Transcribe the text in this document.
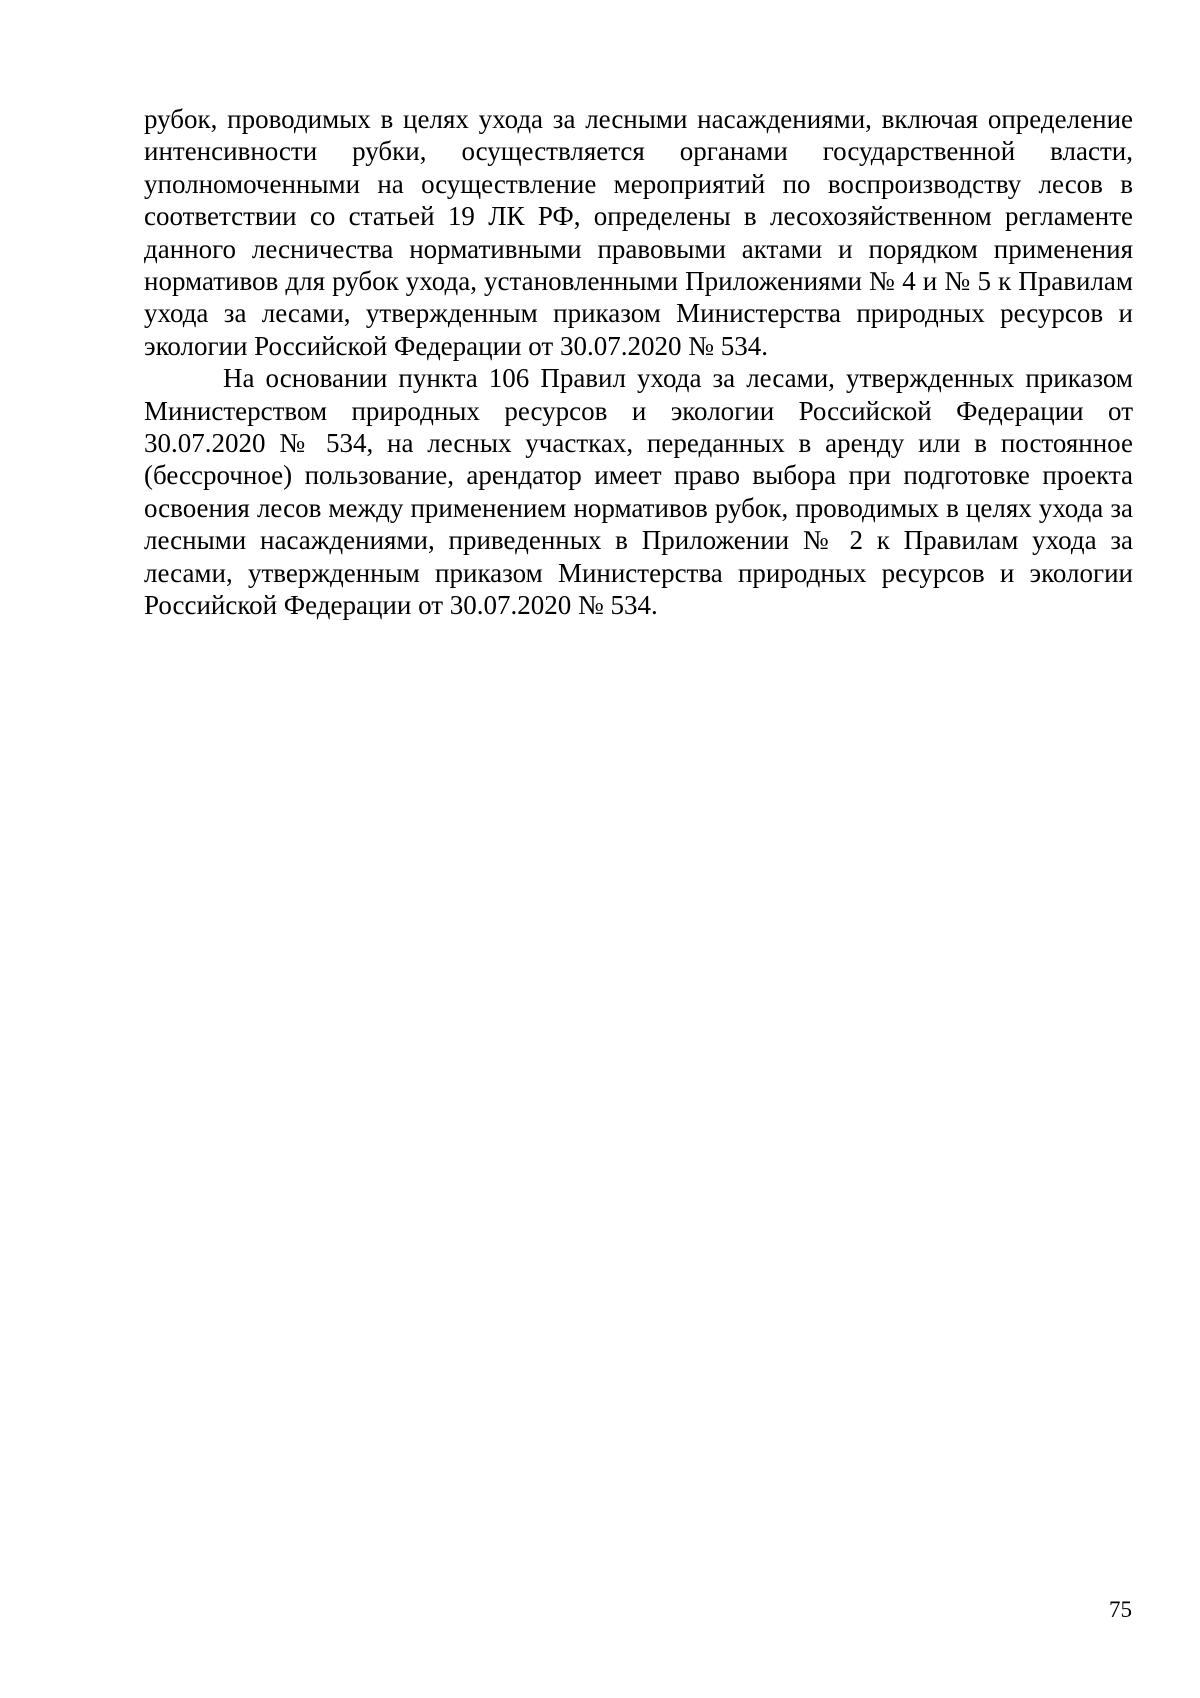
рубок, проводимых в целях ухода за лесными насаждениями, включая определение интенсивности рубки, осуществляется органами государственной власти, уполномоченными на осуществление мероприятий по воспроизводству лесов в соответствии со статьей 19 ЛК РФ, определены в лесохозяйственном регламенте данного лесничества нормативными правовыми актами и порядком применения нормативов для рубок ухода, установленными Приложениями № 4 и № 5 к Правилам ухода за лесами, утвержденным приказом Министерства природных ресурсов и экологии Российской Федерации от 30.07.2020 № 534.

На основании пункта 106 Правил ухода за лесами, утвержденных приказом Министерством природных ресурсов и экологии Российской Федерации от 30.07.2020 № 534, на лесных участках, переданных в аренду или в постоянное (бессрочное) пользование, арендатор имеет право выбора при подготовке проекта освоения лесов между применением нормативов рубок, проводимых в целях ухода за лесными насаждениями, приведенных в Приложении № 2 к Правилам ухода за лесами, утвержденным приказом Министерства природных ресурсов и экологии Российской Федерации от 30.07.2020 № 534.

75
